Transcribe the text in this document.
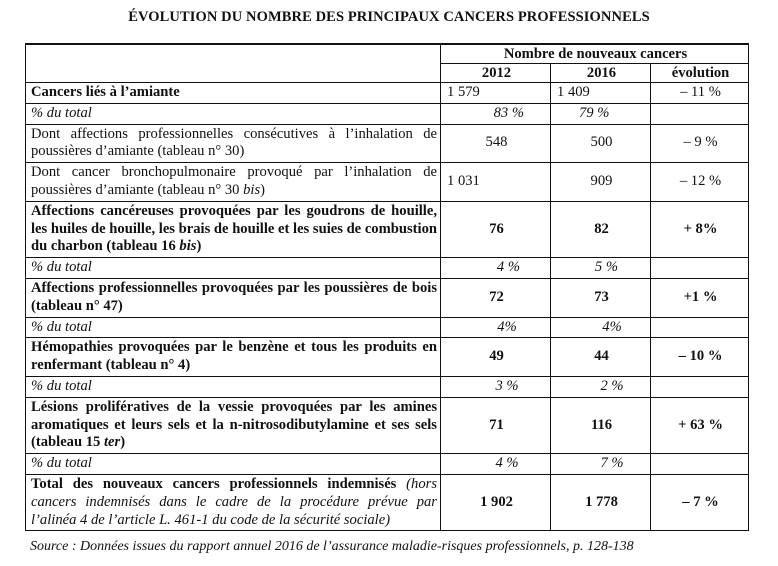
ÉVOLUTION DU NOMBRE DES PRINCIPAUX CANCERS PROFESSIONNELS
	Nombre de nouveaux cancers		
	2012	2016	évolution
Cancers liés à l’amiante	1 579	1 409	– 11 %
% du total	83 %	79 %	
Dont affections professionnelles consécutives à l’inhalation de poussières d’amiante (tableau n° 30)	548	500	– 9 %
Dont cancer bronchopulmonaire provoqué par l’inhalation de poussières d’amiante (tableau n° 30 bis)	1 031	909	– 12 %
Affections cancéreuses provoquées par les goudrons de houille, les huiles de houille, les brais de houille et les suies de combustion du charbon (tableau 16 bis)	76	82	+ 8%
% du total	4 %	5 %	
Affections professionnelles provoquées par les poussières de bois (tableau n° 47)	72	73	+1 %
% du total	4%	4%	
Hémopathies provoquées par le benzène et tous les produits en renfermant (tableau n° 4)	49	44	– 10 %
% du total	3 %	2 %	
Lésions prolifératives de la vessie provoquées par les amines aromatiques et leurs sels et la n-nitrosodibutylamine et ses sels (tableau 15 ter)	71	116	+ 63 %
% du total	4 %	7 %	
Total des nouveaux cancers professionnels indemnisés (hors cancers indemnisés dans le cadre de la procédure prévue par l’alinéa 4 de l’article L. 461-1 du code de la sécurité sociale)	1 902	1 778	– 7 %
Source : Données issues du rapport annuel 2016 de l’assurance maladie-risques professionnels, p. 128-138
